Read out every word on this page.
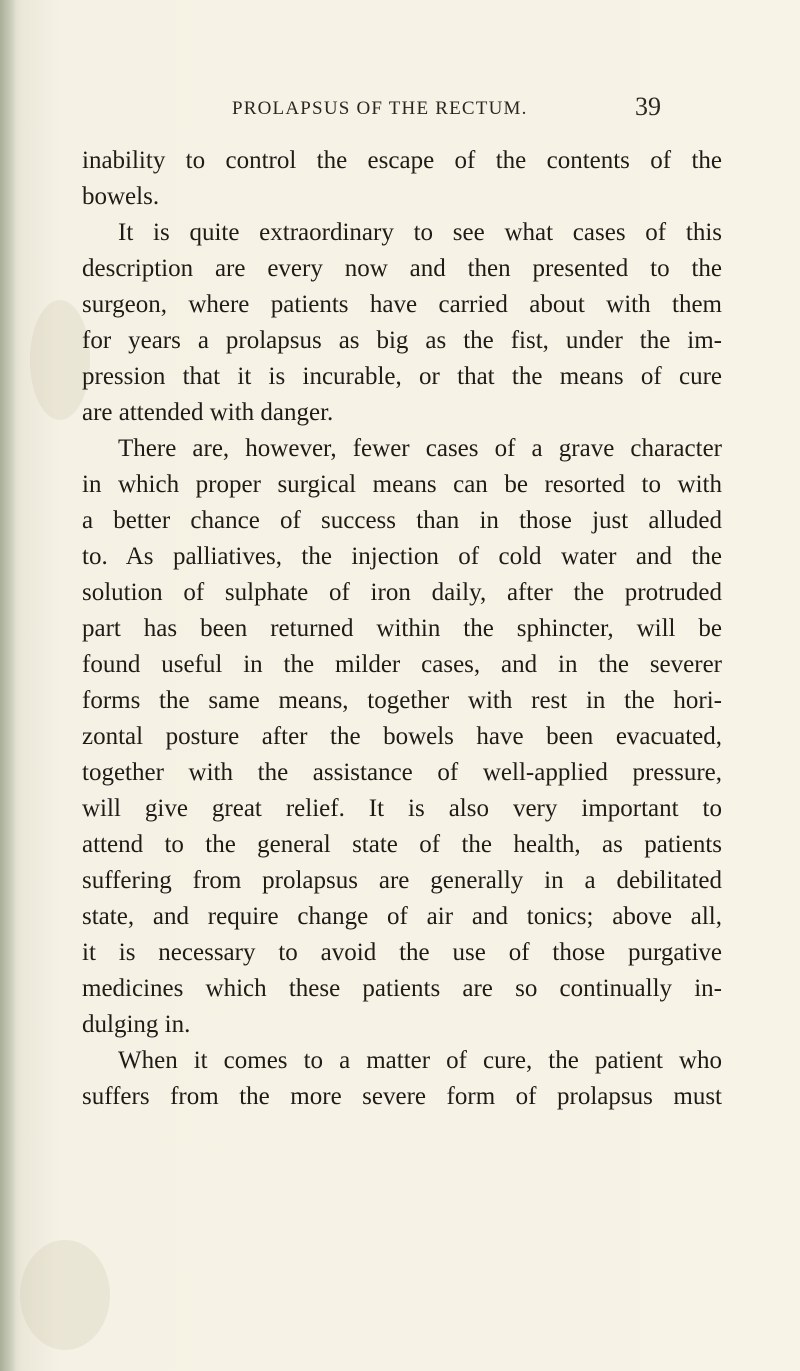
PROLAPSUS OF THE RECTUM.	39
inability to control the escape of the contents of the
bowels.
It is quite extraordinary to see what cases of this
description are every now and then presented to the
surgeon, where patients have carried about with them
for years a prolapsus as big as the fist, under the im-
pression that it is incurable, or that the means of cure
are attended with danger.
There are, however, fewer cases of a grave character
in which proper surgical means can be resorted to with
a better chance of success than in those just alluded
to. As palliatives, the injection of cold water and the
solution of sulphate of iron daily, after the protruded
part has been returned within the sphincter, will be
found useful in the milder cases, and in the severer
forms the same means, together with rest in the hori-
zontal posture after the bowels have been evacuated,
together with the assistance of well-applied pressure,
will give great relief. It is also very important to
attend to the general state of the health, as patients
suffering from prolapsus are generally in a debilitated
state, and require change of air and tonics; above all,
it is necessary to avoid the use of those purgative
medicines which these patients are so continually in-
dulging in.
When it comes to a matter of cure, the patient who
suffers from the more severe form of prolapsus must
